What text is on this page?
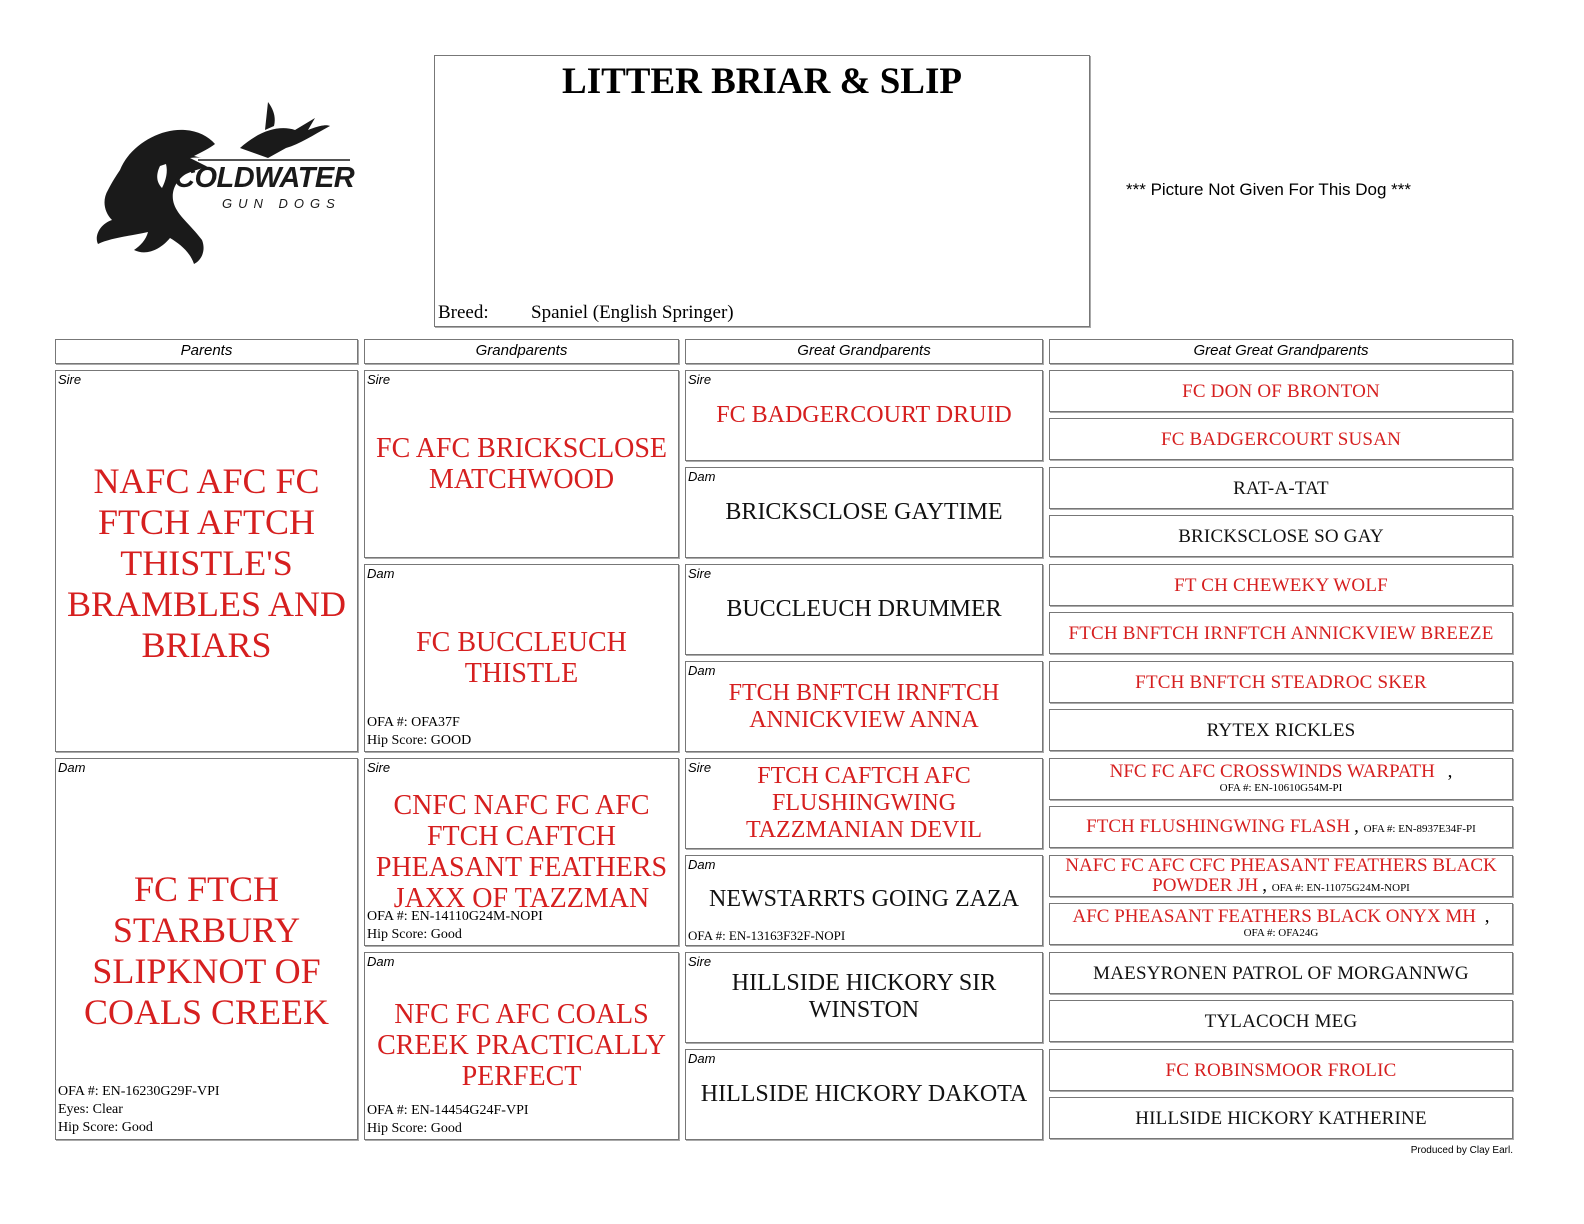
COLDWATER
GUN DOGS
LITTER BRIAR & SLIP
Breed: Spaniel (English Springer)
*** Picture Not Given For This Dog ***
Parents	Grandparents	Great Grandparents	Great Great Grandparents
Sire
NAFC AFC FC FTCH AFTCH THISTLE'S BRAMBLES AND BRIARS
Dam
FC FTCH STARBURY SLIPKNOT OF COALS CREEK
OFA #: EN-16230G29F-VPI
Eyes: Clear
Hip Score: Good
Sire
FC AFC BRICKSCLOSE MATCHWOOD
Dam
FC BUCCLEUCH THISTLE
OFA #: OFA37F
Hip Score: GOOD
Sire
CNFC NAFC FC AFC FTCH CAFTCH PHEASANT FEATHERS JAXX OF TAZZMAN
OFA #: EN-14110G24M-NOPI
Hip Score: Good
Dam
NFC FC AFC COALS CREEK PRACTICALLY PERFECT
OFA #: EN-14454G24F-VPI
Hip Score: Good
Sire
FC BADGERCOURT DRUID
Dam
BRICKSCLOSE GAYTIME
Sire
BUCCLEUCH DRUMMER
Dam
FTCH BNFTCH IRNFTCH ANNICKVIEW ANNA
Sire	FTCH CAFTCH AFC FLUSHINGWING TAZZMANIAN DEVIL
Dam
NEWSTARRTS GOING ZAZA
OFA #: EN-13163F32F-NOPI
Sire
HILLSIDE HICKORY SIR WINSTON
Dam
HILLSIDE HICKORY DAKOTA
FC DON OF BRONTON
FC BADGERCOURT SUSAN
RAT-A-TAT
BRICKSCLOSE SO GAY
FT CH CHEWEKY WOLF
FTCH BNFTCH IRNFTCH ANNICKVIEW BREEZE
FTCH BNFTCH STEADROC SKER
RYTEX RICKLES
NFC FC AFC CROSSWINDS WARPATH ,
OFA #: EN-10610G54M-PI
FTCH FLUSHINGWING FLASH , OFA #: EN-8937E34F-PI
NAFC FC AFC CFC PHEASANT FEATHERS BLACK POWDER JH , OFA #: EN-11075G24M-NOPI
AFC PHEASANT FEATHERS BLACK ONYX MH ,
OFA #: OFA24G
MAESYRONEN PATROL OF MORGANNWG
TYLACOCH MEG
FC ROBINSMOOR FROLIC
HILLSIDE HICKORY KATHERINE
Produced by Clay Earl.
